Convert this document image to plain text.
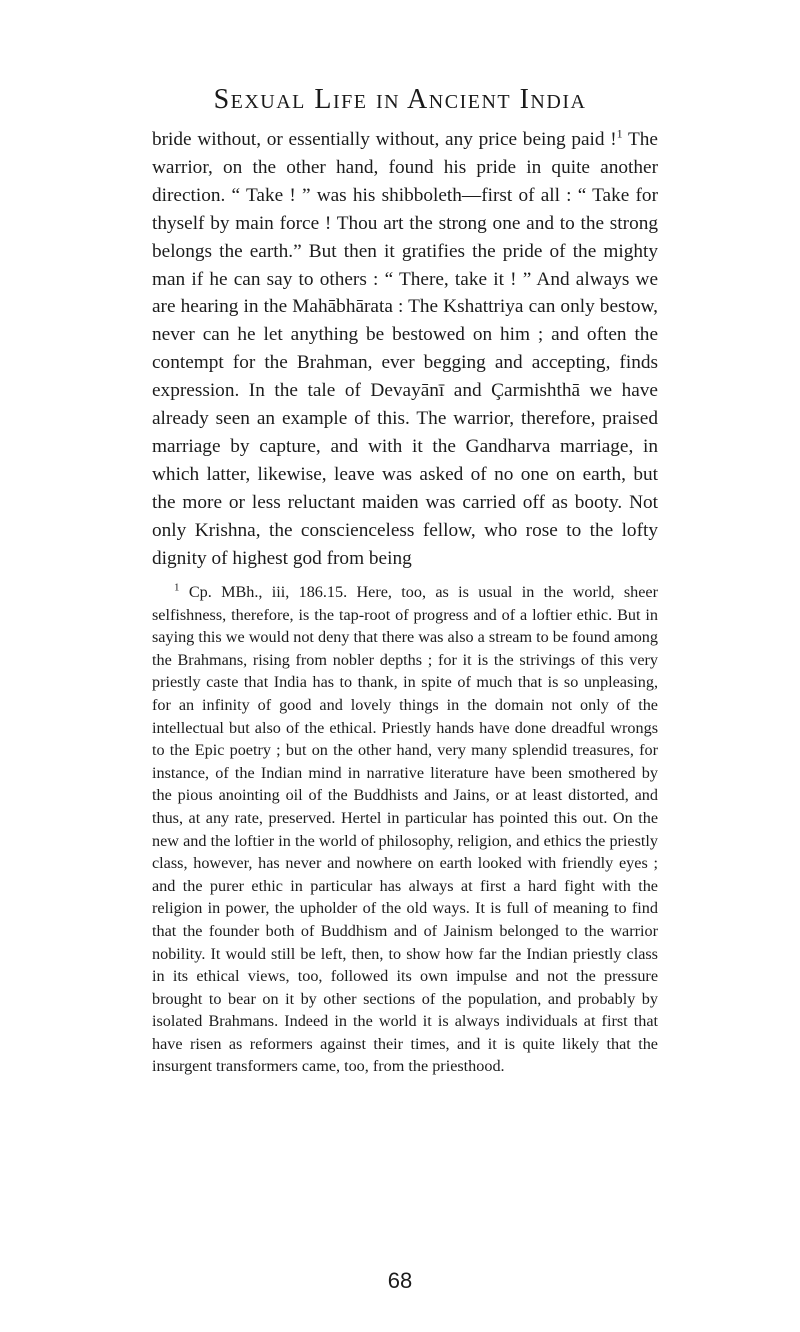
Sexual Life in Ancient India

bride without, or essentially without, any price being paid !$^1$ The warrior, on the other hand, found his pride in quite another direction. “ Take ! ” was his shibboleth—first of all : “ Take for thyself by main force ! Thou art the strong one and to the strong belongs the earth.” But then it gratifies the pride of the mighty man if he can say to others : “ There, take it ! ” And always we are hearing in the Mahābhārata : The Kshattriya can only bestow, never can he let anything be bestowed on him ; and often the contempt for the Brahman, ever begging and accepting, finds expression. In the tale of Devayānī and Çarmishthā we have already seen an example of this. The warrior, therefore, praised marriage by capture, and with it the Gandharva marriage, in which latter, likewise, leave was asked of no one on earth, but the more or less reluctant maiden was carried off as booty. Not only Krishna, the conscienceless fellow, who rose to the lofty dignity of highest god from being

$^1$ Cp. MBh., iii, 186.15. Here, too, as is usual in the world, sheer selfishness, therefore, is the tap-root of progress and of a loftier ethic. But in saying this we would not deny that there was also a stream to be found among the Brahmans, rising from nobler depths ; for it is the strivings of this very priestly caste that India has to thank, in spite of much that is so unpleasing, for an infinity of good and lovely things in the domain not only of the intellectual but also of the ethical. Priestly hands have done dreadful wrongs to the Epic poetry ; but on the other hand, very many splendid treasures, for instance, of the Indian mind in narrative literature have been smothered by the pious anointing oil of the Buddhists and Jains, or at least distorted, and thus, at any rate, preserved. Hertel in particular has pointed this out. On the new and the loftier in the world of philosophy, religion, and ethics the priestly class, however, has never and nowhere on earth looked with friendly eyes ; and the purer ethic in particular has always at first a hard fight with the religion in power, the upholder of the old ways. It is full of meaning to find that the founder both of Buddhism and of Jainism belonged to the warrior nobility. It would still be left, then, to show how far the Indian priestly class in its ethical views, too, followed its own impulse and not the pressure brought to bear on it by other sections of the population, and probably by isolated Brahmans. Indeed in the world it is always individuals at first that have risen as reformers against their times, and it is quite likely that the insurgent transformers came, too, from the priesthood.

68
